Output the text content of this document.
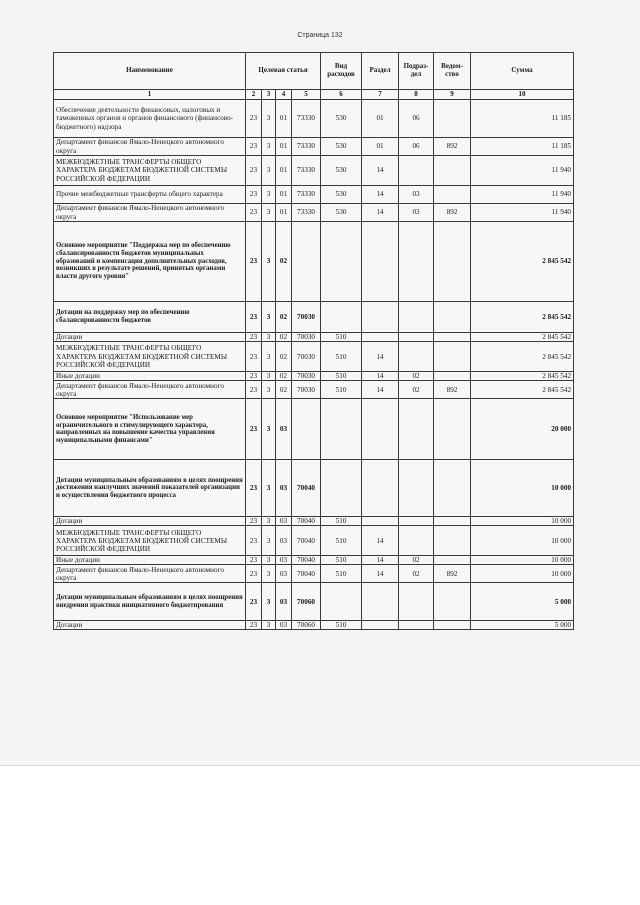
Страница 132
Наименование	Целевая статья				Вид расходов	Раздел	Подраз-дел	Ведом-ство	Сумма
1	2	3	4	5	6	7	8	9	10
Обеспечение деятельности финансовых, налоговых и таможенных органов и органов финансового (финансово-бюджетного) надзора	23	3	01	73330	530	01	06		11 185
Департамент финансов Ямало-Ненецкого автономного округа	23	3	01	73330	530	01	06	892	11 185
МЕЖБЮДЖЕТНЫЕ ТРАНСФЕРТЫ ОБЩЕГО ХАРАКТЕРА БЮДЖЕТАМ БЮДЖЕТНОЙ СИСТЕМЫ РОССИЙСКОЙ ФЕДЕРАЦИИ	23	3	01	73330	530	14			11 940
Прочие межбюджетные трансферты общего характера	23	3	01	73330	530	14	03		11 940
Департамент финансов Ямало-Ненецкого автономного округа	23	3	01	73330	530	14	03	892	11 940
Основное мероприятие "Поддержка мер по обеспечению сбалансированности бюджетов муниципальных образований и компенсация дополнительных расходов, возникших в результате решений, принятых органами власти другого уровня"	23	3	02						2 845 542
Дотации на поддержку мер по обеспечению сбалансированности бюджетов	23	3	02	70030					2 845 542
Дотации	23	3	02	70030	510				2 845 542
МЕЖБЮДЖЕТНЫЕ ТРАНСФЕРТЫ ОБЩЕГО ХАРАКТЕРА БЮДЖЕТАМ БЮДЖЕТНОЙ СИСТЕМЫ РОССИЙСКОЙ ФЕДЕРАЦИИ	23	3	02	70030	510	14			2 845 542
Иные дотации	23	3	02	70030	510	14	02		2 845 542
Департамент финансов Ямало-Ненецкого автономного округа	23	3	02	70030	510	14	02	892	2 845 542
Основное мероприятие "Использование мер ограничительного и стимулирующего характера, направленных на повышение качества управления муниципальными финансами"	23	3	03						20 000
Дотации муниципальным образованиям в целях поощрения достижения наилучших значений показателей организации и осуществления бюджетного процесса	23	3	03	70040					10 000
Дотации	23	3	03	70040	510				10 000
МЕЖБЮДЖЕТНЫЕ ТРАНСФЕРТЫ ОБЩЕГО ХАРАКТЕРА БЮДЖЕТАМ БЮДЖЕТНОЙ СИСТЕМЫ РОССИЙСКОЙ ФЕДЕРАЦИИ	23	3	03	70040	510	14			10 000
Иные дотации	23	3	03	70040	510	14	02		10 000
Департамент финансов Ямало-Ненецкого автономного округа	23	3	03	70040	510	14	02	892	10 000
Дотации муниципальным образованиям в целях поощрения внедрения практики инициативного бюджетирования	23	3	03	70060					5 000
Дотации	23	3	03	70060	510				5 000
